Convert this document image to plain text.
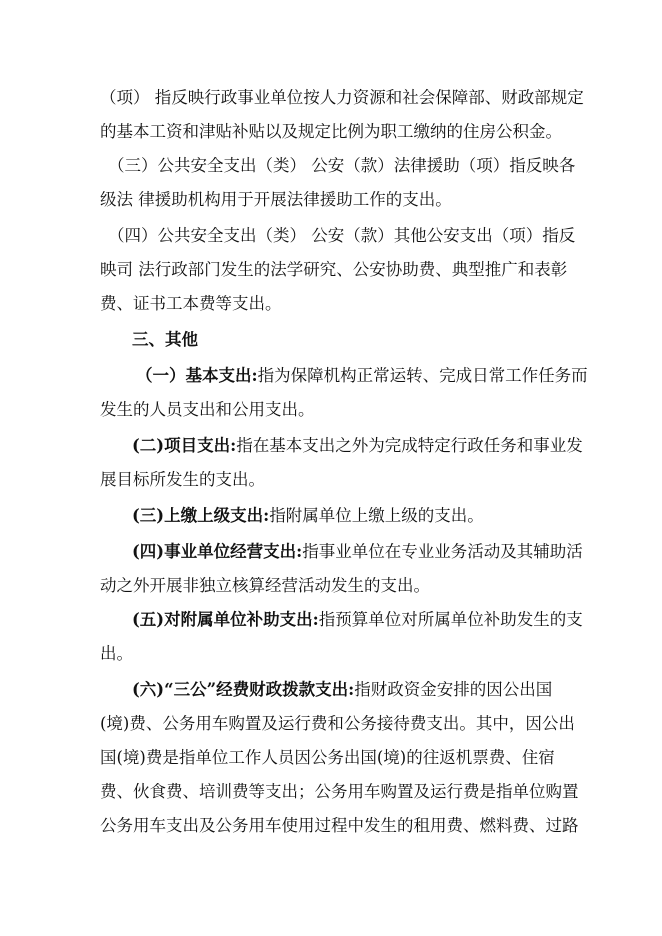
（项） 指反映行政事业单位按人力资源和社会保障部、财政部规定
的基本工资和津贴补贴以及规定比例为职工缴纳的住房公积金。
（三）公共安全支出（类） 公安（款）法律援助（项）指反映各
级法 律援助机构用于开展法律援助工作的支出。
（四）公共安全支出（类） 公安（款）其他公安支出（项）指反
映司 法行政部门发生的法学研究、公安协助费、典型推广和表彰
费、证书工本费等支出。
三、其他
（一）基本支出:指为保障机构正常运转、完成日常工作任务而
发生的人员支出和公用支出。
(二)项目支出:指在基本支出之外为完成特定行政任务和事业发
展目标所发生的支出。
(三)上缴上级支出:指附属单位上缴上级的支出。
(四)事业单位经营支出:指事业单位在专业业务活动及其辅助活
动之外开展非独立核算经营活动发生的支出。
(五)对附属单位补助支出:指预算单位对所属单位补助发生的支
出。
(六)“三公”经费财政拨款支出:指财政资金安排的因公出国
(境)费、公务用车购置及运行费和公务接待费支出。其中，因公出
国(境)费是指单位工作人员因公务出国(境)的往返机票费、住宿
费、伙食费、培训费等支出；公务用车购置及运行费是指单位购置
公务用车支出及公务用车使用过程中发生的租用费、燃料费、过路
